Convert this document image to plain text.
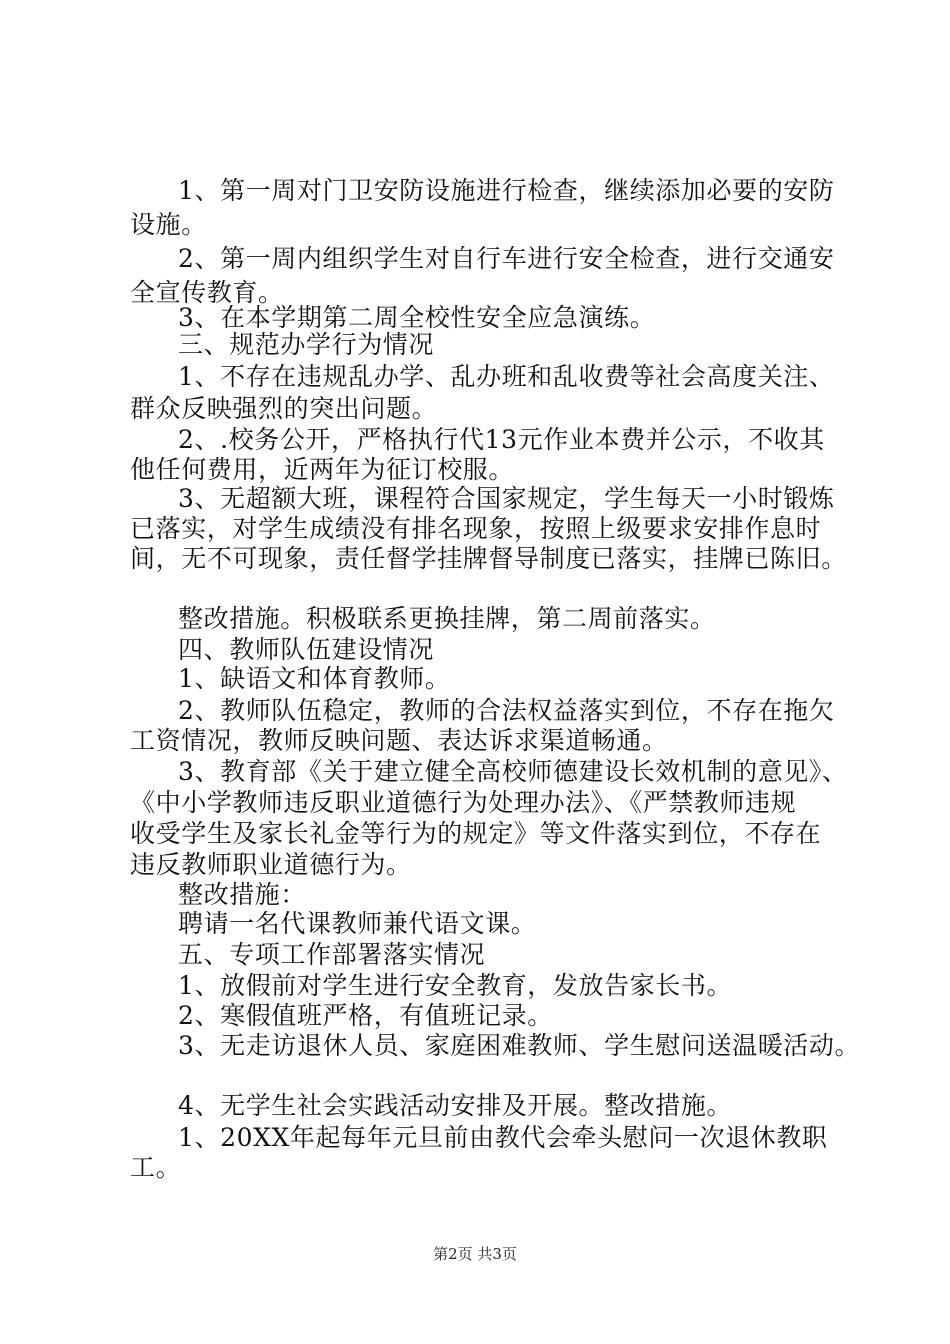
1、第一周对门卫安防设施进行检查，继续添加必要的安防
设施。
2、第一周内组织学生对自行车进行安全检查，进行交通安
全宣传教育。
3、在本学期第二周全校性安全应急演练。
三、规范办学行为情况
1、不存在违规乱办学、乱办班和乱收费等社会高度关注、
群众反映强烈的突出问题。
2、.校务公开，严格执行代13元作业本费并公示，不收其
他任何费用，近两年为征订校服。
3、无超额大班，课程符合国家规定，学生每天一小时锻炼
已落实，对学生成绩没有排名现象，按照上级要求安排作息时
间，无不可现象，责任督学挂牌督导制度已落实，挂牌已陈旧。
整改措施。积极联系更换挂牌，第二周前落实。
四、教师队伍建设情况
1、缺语文和体育教师。
2、教师队伍稳定，教师的合法权益落实到位，不存在拖欠
工资情况，教师反映问题、表达诉求渠道畅通。
3、教育部《关于建立健全高校师德建设长效机制的意见》、
《中小学教师违反职业道德行为处理办法》、《严禁教师违规
收受学生及家长礼金等行为的规定》等文件落实到位，不存在
违反教师职业道德行为。
整改措施：
聘请一名代课教师兼代语文课。
五、专项工作部署落实情况
1、放假前对学生进行安全教育，发放告家长书。
2、寒假值班严格，有值班记录。
3、无走访退休人员、家庭困难教师、学生慰问送温暖活动。
4、无学生社会实践活动安排及开展。整改措施。
1、20XX年起每年元旦前由教代会牵头慰问一次退休教职
工。
第2页 共3页
